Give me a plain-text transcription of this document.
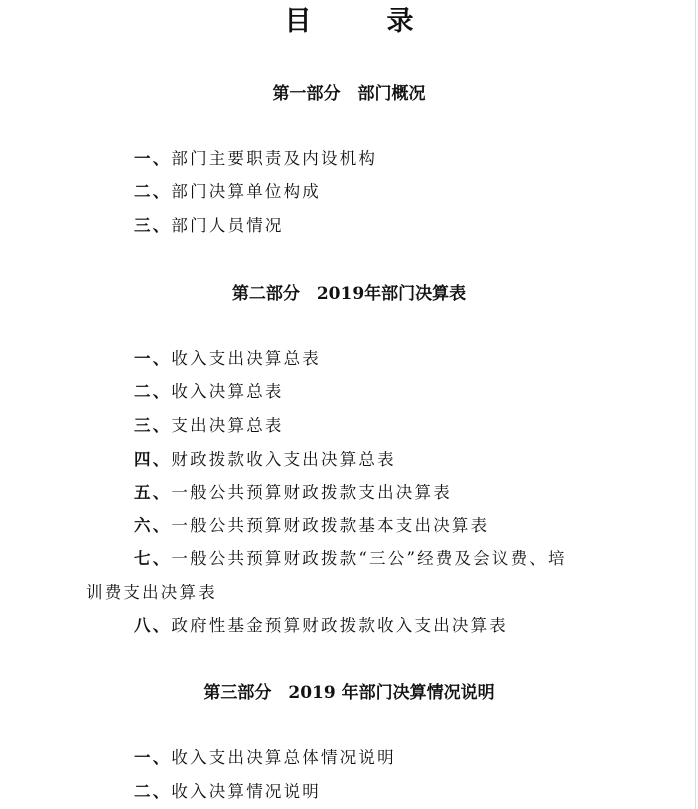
目　录
第一部分　部门概况
一、部门主要职责及内设机构
二、部门决算单位构成
三、部门人员情况
第二部分　2019年部门决算表
一、收入支出决算总表
二、收入决算总表
三、支出决算总表
四、财政拨款收入支出决算总表
五、一般公共预算财政拨款支出决算表
六、一般公共预算财政拨款基本支出决算表
七、一般公共预算财政拨款“三公”经费及会议费、培
训费支出决算表
八、政府性基金预算财政拨款收入支出决算表
第三部分　2019 年部门决算情况说明
一、收入支出决算总体情况说明
二、收入决算情况说明
